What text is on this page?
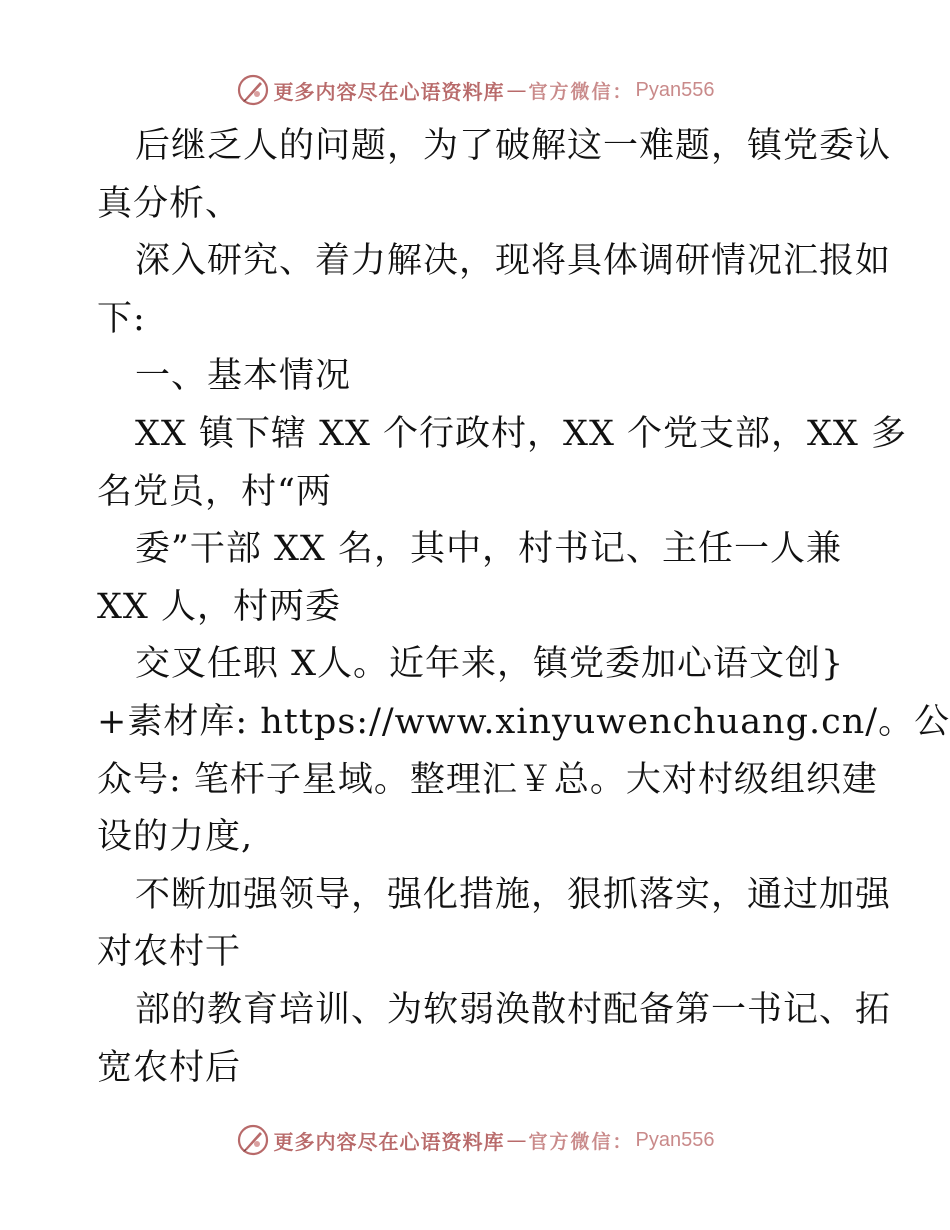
更多内容尽在心语资料库 — 官方微信： Pyan556
后继乏人的问题，为了破解这一难题，镇党委认
真分析、
深入研究、着力解决，现将具体调研情况汇报如
下:
一、基本情况
XX 镇下辖 XX 个行政村，XX 个党支部，XX 多
名党员，村“两
委”干部 XX 名，其中，村书记、主任一人兼
XX 人，村两委
交叉任职 X人。近年来，镇党委加心语文创}
+素材库: https://www.xinyuwenchuang.cn/。公
众号: 笔杆子星域。整理汇￥总。大对村级组织建
设的力度,
不断加强领导，强化措施，狠抓落实，通过加强
对农村干
部的教育培训、为软弱涣散村配备第一书记、拓
宽农村后
更多内容尽在心语资料库 — 官方微信： Pyan556
